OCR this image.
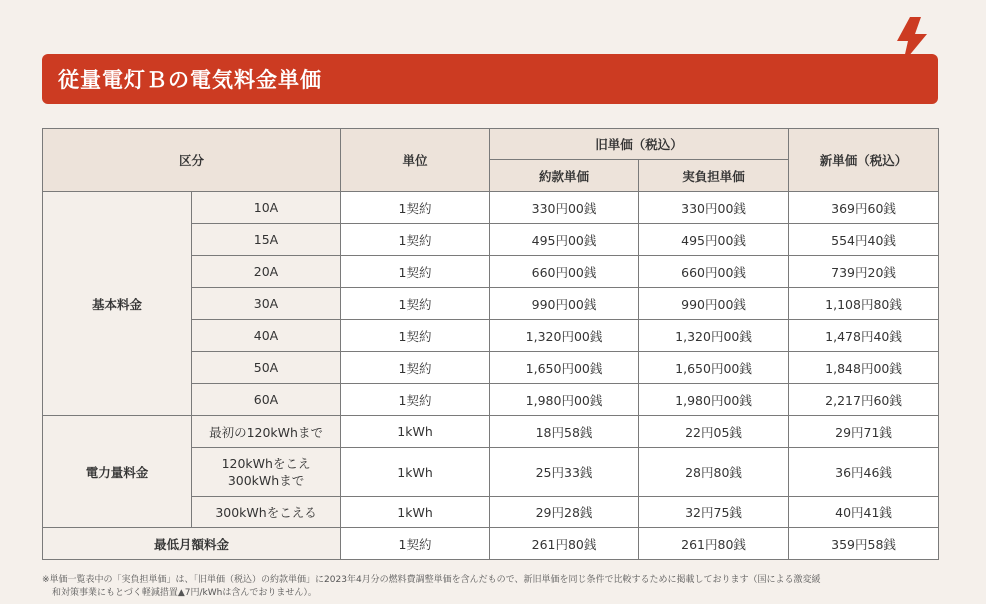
従量電灯Ｂの電気料金単価
区分		単位	旧単価（税込）		新単価（税込）
			約款単価	実負担単価	
基本料金	10A	1契約	330円00銭	330円00銭	369円60銭
	15A	1契約	495円00銭	495円00銭	554円40銭
	20A	1契約	660円00銭	660円00銭	739円20銭
	30A	1契約	990円00銭	990円00銭	1,108円80銭
	40A	1契約	1,320円00銭	1,320円00銭	1,478円40銭
	50A	1契約	1,650円00銭	1,650円00銭	1,848円00銭
	60A	1契約	1,980円00銭	1,980円00銭	2,217円60銭
電力量料金	最初の120kWhまで	1kWh	18円58銭	22円05銭	29円71銭

	120kWhをこえ
300kWhまで	1kWh	25円33銭	28円80銭	36円46銭
	300kWhをこえる	1kWh	29円28銭	32円75銭	40円41銭
最低月額料金		1契約	261円80銭	261円80銭	359円58銭
※単価一覧表中の「実負担単価」は、「旧単価（税込）の約款単価」に2023年4月分の燃料費調整単価を含んだもので、新旧単価を同じ条件で比較するために掲載しております（国による激変緩
和対策事業にもとづく軽減措置▲7円/kWhは含んでおりません）。
